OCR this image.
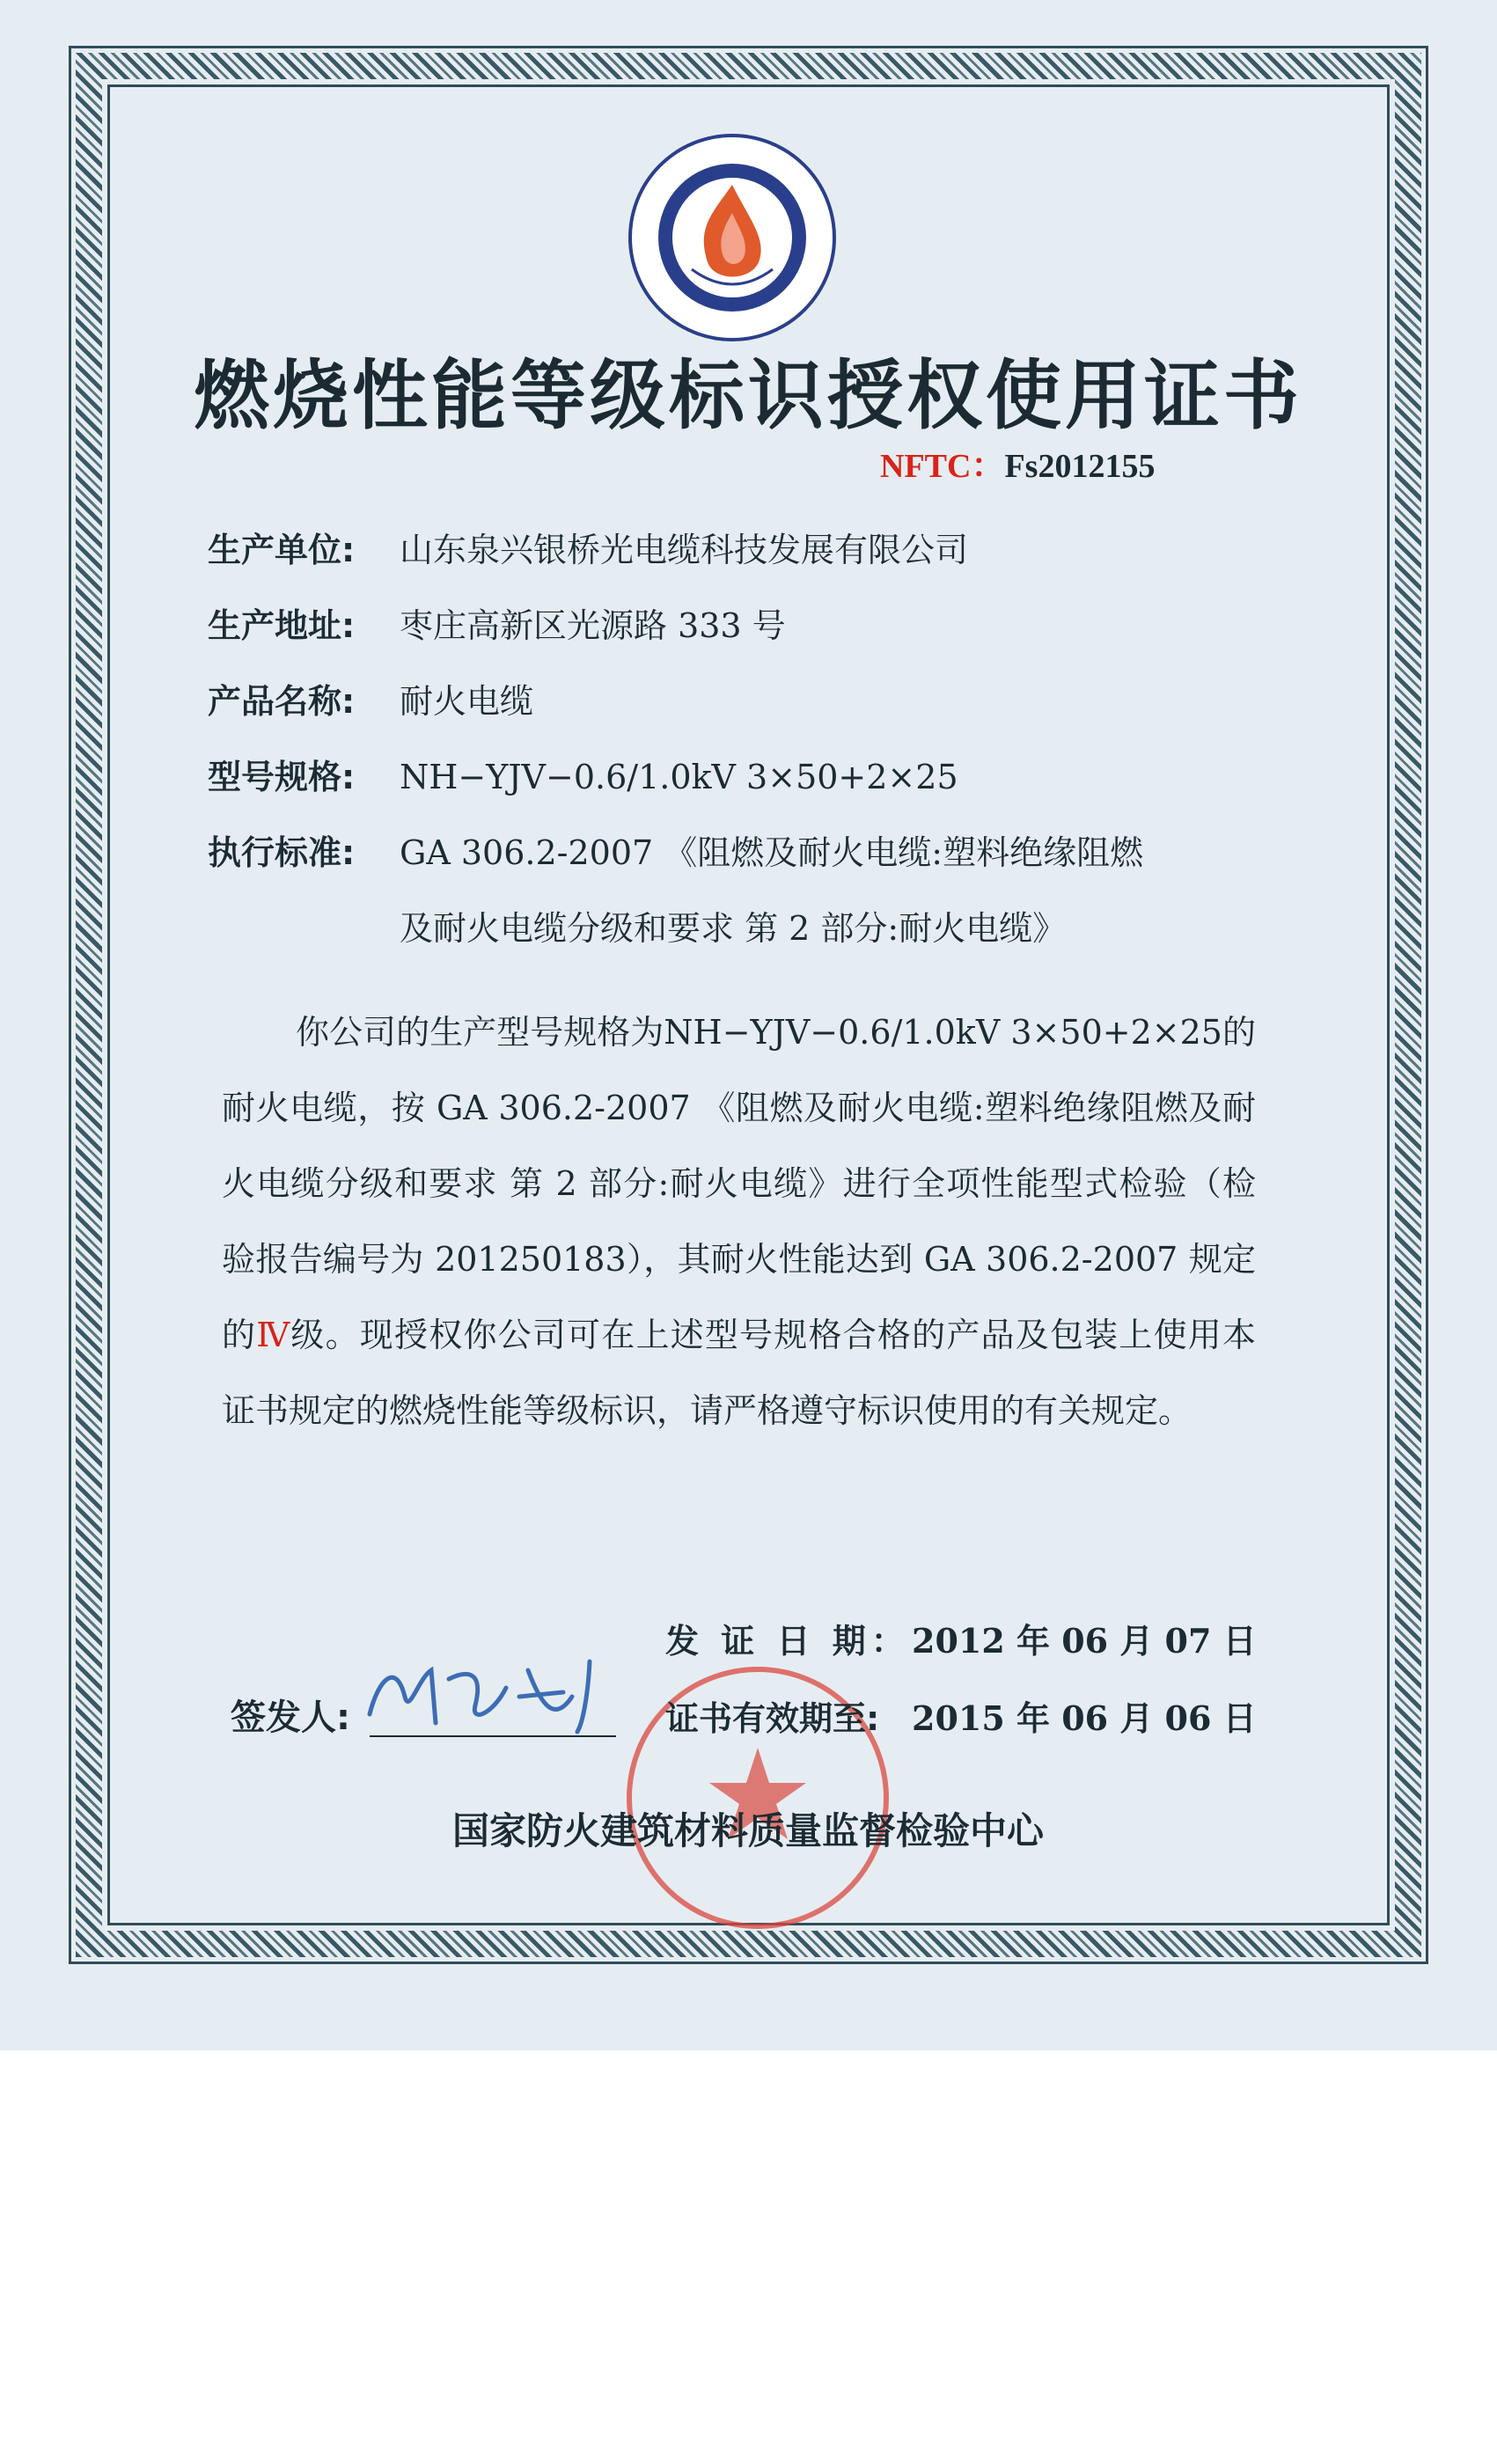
燃烧性能等级标识授权使用证书
NFTC：Fs2012155
生产单位: 山东泉兴银桥光电缆科技发展有限公司
生产地址: 枣庄高新区光源路 333 号
产品名称: 耐火电缆
型号规格: NH−YJV−0.6/1.0kV 3×50+2×25
执行标准: GA 306.2-2007 《阻燃及耐火电缆:塑料绝缘阻燃
及耐火电缆分级和要求 第 2 部分:耐火电缆》
你公司的生产型号规格为NH−YJV−0.6/1.0kV 3×50+2×25的耐火电缆，按 GA 306.2-2007 《阻燃及耐火电缆:塑料绝缘阻燃及耐火电缆分级和要求 第 2 部分:耐火电缆》进行全项性能型式检验（检验报告编号为 201250183），其耐火性能达到 GA 306.2-2007 规定的Ⅳ级。现授权你公司可在上述型号规格合格的产品及包装上使用本证书规定的燃烧性能等级标识，请严格遵守标识使用的有关规定。
发 证 日 期：2012 年 06 月 07 日
证书有效期至: 2015 年 06 月 06 日
签发人:
国家防火建筑材料质量监督检验中心
